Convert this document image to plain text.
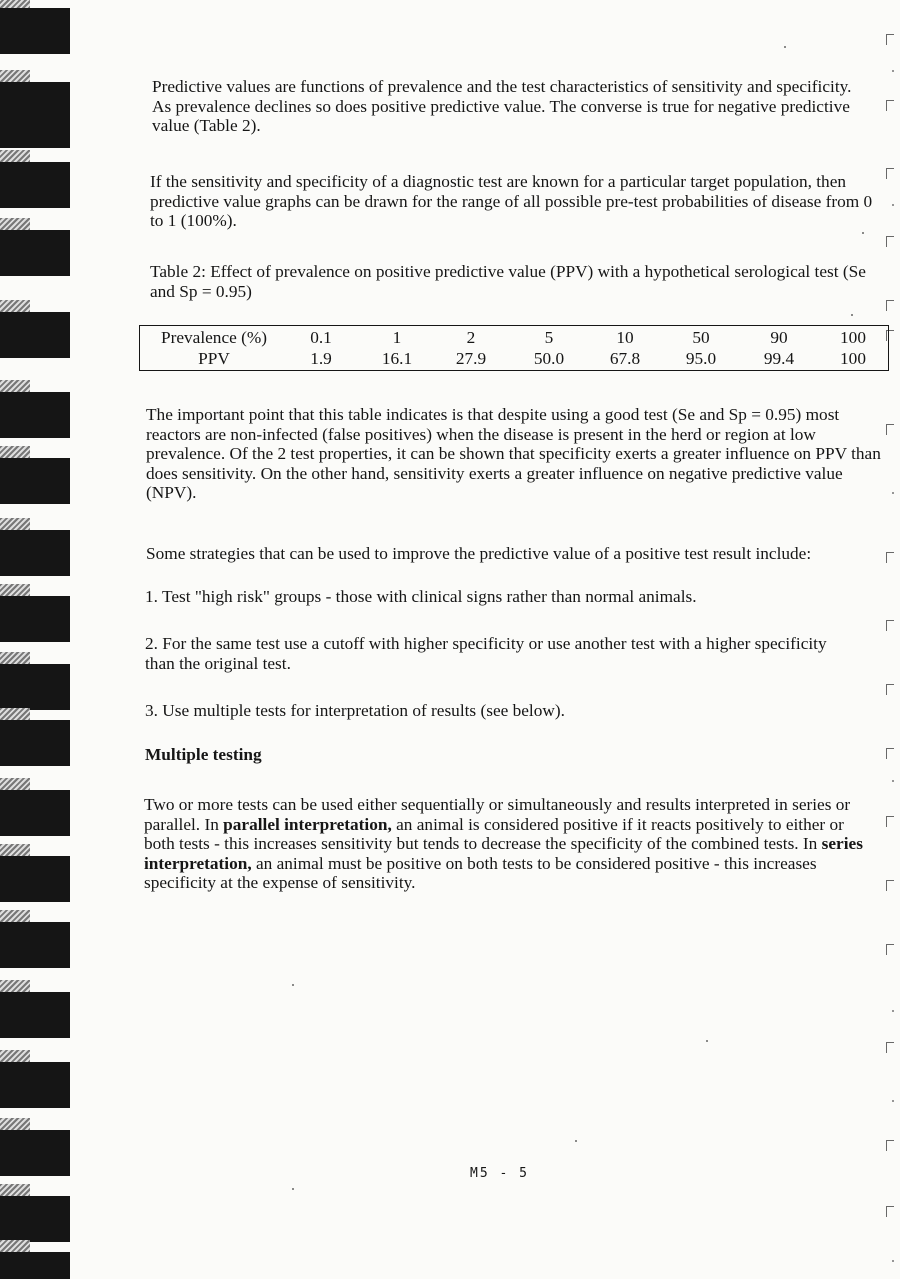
Predictive values are functions of prevalence and the test characteristics of sensitivity and specificity. As prevalence declines so does positive predictive value. The converse is true for negative predictive value (Table 2).

If the sensitivity and specificity of a diagnostic test are known for a particular target population, then predictive value graphs can be drawn for the range of all possible pre-test probabilities of disease from 0 to 1 (100%).

Table 2: Effect of prevalence on positive predictive value (PPV) with a hypothetical serological test (Se and Sp = 0.95)

Prevalence (%)	0.1	1	2	5	10	50	90	100
PPV	1.9	16.1	27.9	50.0	67.8	95.0	99.4	100

The important point that this table indicates is that despite using a good test (Se and Sp = 0.95) most reactors are non-infected (false positives) when the disease is present in the herd or region at low prevalence. Of the 2 test properties, it can be shown that specificity exerts a greater influence on PPV than does sensitivity. On the other hand, sensitivity exerts a greater influence on negative predictive value (NPV).

Some strategies that can be used to improve the predictive value of a positive test result include:

1. Test "high risk" groups - those with clinical signs rather than normal animals.

2. For the same test use a cutoff with higher specificity or use another test with a higher specificity than the original test.

3. Use multiple tests for interpretation of results (see below).

Multiple testing

Two or more tests can be used either sequentially or simultaneously and results interpreted in series or parallel. In parallel interpretation, an animal is considered positive if it reacts positively to either or both tests - this increases sensitivity but tends to decrease the specificity of the combined tests. In series interpretation, an animal must be positive on both tests to be considered positive - this increases specificity at the expense of sensitivity.

M5 - 5
